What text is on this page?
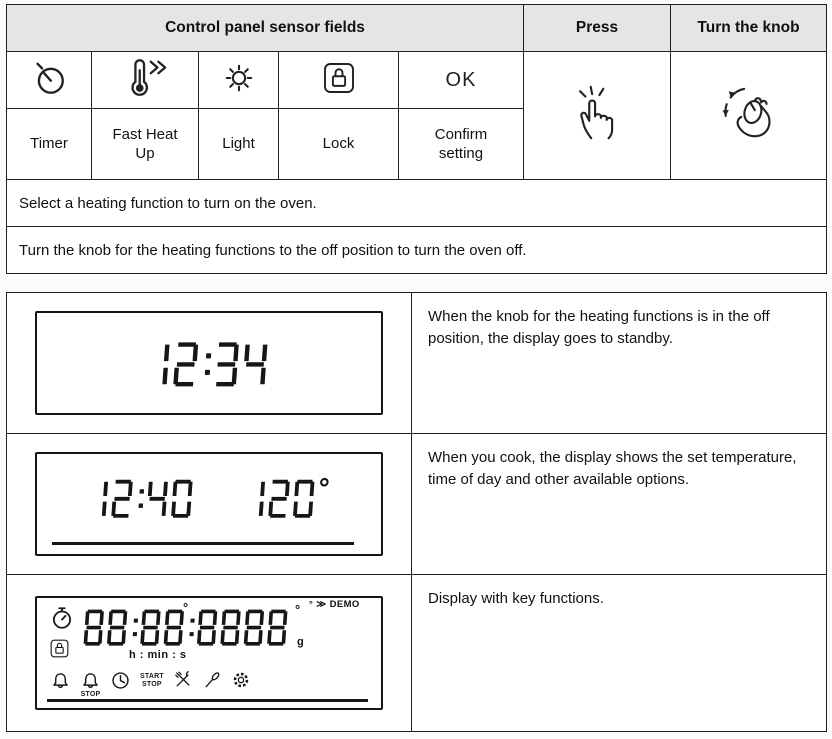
Control panel sensor fields					Press	Turn the knob
				OK		
Timer	Fast Heat Up	Light	Lock	Confirm setting		
Select a heating function to turn on the oven.						
Turn the knob for the heating functions to the off position to turn the oven off.						
	When the knob for the heating functions is in the off position, the display goes to standby.

	When you cook, the display shows the set temperature, time of day and other available options.

°	°
g
° ≫ DEMO
h : min : s
STOP
START
STOP
	Display with key functions.
